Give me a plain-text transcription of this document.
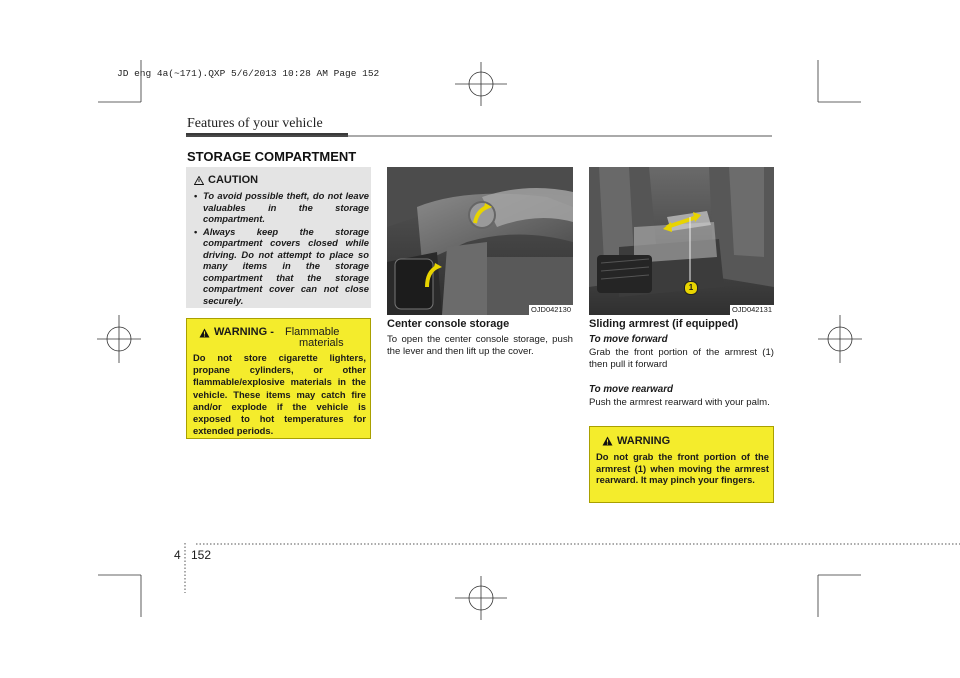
JD eng 4a(~171).QXP 5/6/2013 10:28 AM Page 152
Features of your vehicle
STORAGE COMPARTMENT
CAUTION

• To avoid possible theft, do not leave valuables in the storage compartment.

• Always keep the storage compartment covers closed while driving. Do not attempt to place so many items in the storage compartment that the storage compartment cover can not close securely.

WARNING - Flammable
materials

Do not store cigarette lighters, propane cylinders, or other flammable/explosive materials in the vehicle. These items may catch fire and/or explode if the vehicle is exposed to hot temperatures for extended periods.

OJD042130
1
OJD042131

Center console storage

To open the center console storage, push the lever and then lift up the cover.

Sliding armrest (if equipped)

To move forward

Grab the front portion of the armrest (1) then pull it forward

To move rearward

Push the armrest rearward with your palm.

WARNING

Do not grab the front portion of the armrest (1) when moving the armrest rearward. It may pinch your fingers.

4 152
